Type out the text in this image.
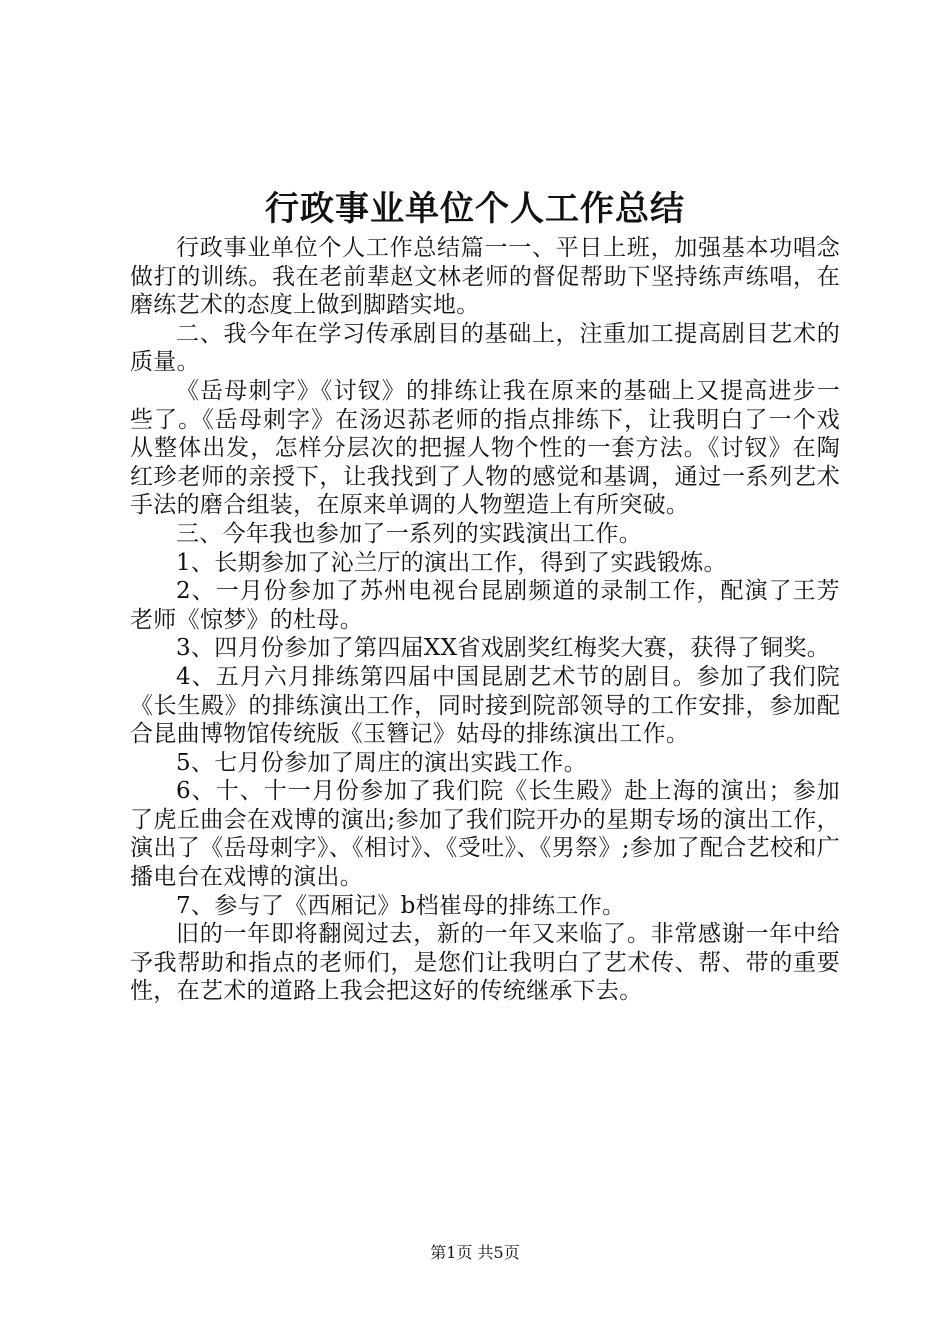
行政事业单位个人工作总结

行政事业单位个人工作总结篇一一、平日上班，加强基本功唱念做打的训练。我在老前辈赵文林老师的督促帮助下坚持练声练唱，在磨练艺术的态度上做到脚踏实地。

二、我今年在学习传承剧目的基础上，注重加工提高剧目艺术的质量。

《岳母刺字》《讨钗》的排练让我在原来的基础上又提高进步一些了。《岳母刺字》在汤迟荪老师的指点排练下，让我明白了一个戏从整体出发，怎样分层次的把握人物个性的一套方法。《讨钗》在陶红珍老师的亲授下，让我找到了人物的感觉和基调，通过一系列艺术手法的磨合组装，在原来单调的人物塑造上有所突破。

三、今年我也参加了一系列的实践演出工作。

1、长期参加了沁兰厅的演出工作，得到了实践锻炼。

2、一月份参加了苏州电视台昆剧频道的录制工作，配演了王芳老师《惊梦》的杜母。

3、四月份参加了第四届XX省戏剧奖红梅奖大赛，获得了铜奖。

4、五月六月排练第四届中国昆剧艺术节的剧目。参加了我们院《长生殿》的排练演出工作，同时接到院部领导的工作安排，参加配合昆曲博物馆传统版《玉簪记》姑母的排练演出工作。

5、七月份参加了周庄的演出实践工作。

6、十、十一月份参加了我们院《长生殿》赴上海的演出；参加了虎丘曲会在戏博的演出;参加了我们院开办的星期专场的演出工作，演出了《岳母刺字》、《相讨》、《受吐》、《男祭》;参加了配合艺校和广播电台在戏博的演出。

7、参与了《西厢记》b档崔母的排练工作。

旧的一年即将翻阅过去，新的一年又来临了。非常感谢一年中给予我帮助和指点的老师们，是您们让我明白了艺术传、帮、带的重要性，在艺术的道路上我会把这好的传统继承下去。

第1页 共5页
